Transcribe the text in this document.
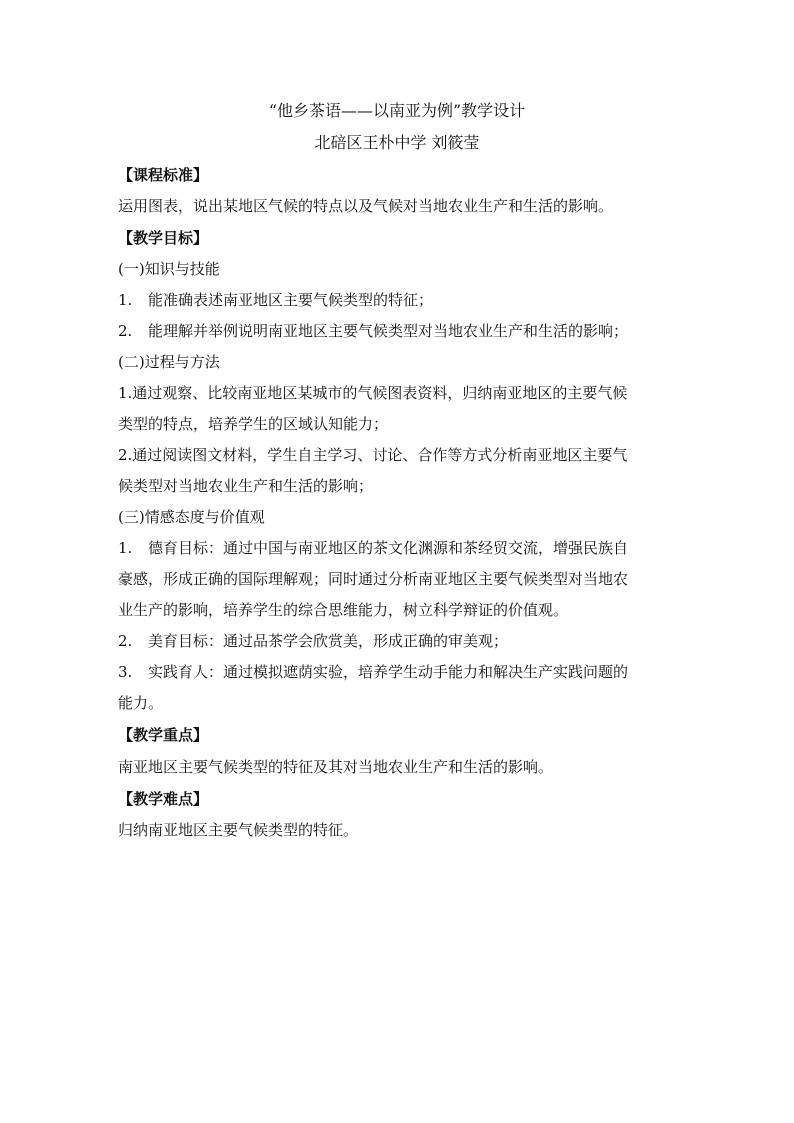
“他乡茶语——以南亚为例”教学设计
北碚区王朴中学 刘筱莹
【课程标准】
运用图表，说出某地区气候的特点以及气候对当地农业生产和生活的影响。
【教学目标】
(一)知识与技能
1. 能准确表述南亚地区主要气候类型的特征；
2. 能理解并举例说明南亚地区主要气候类型对当地农业生产和生活的影响；
(二)过程与方法
1.通过观察、比较南亚地区某城市的气候图表资料，归纳南亚地区的主要气候
类型的特点，培养学生的区域认知能力；
2.通过阅读图文材料，学生自主学习、讨论、合作等方式分析南亚地区主要气
候类型对当地农业生产和生活的影响；
(三)情感态度与价值观
1. 德育目标：通过中国与南亚地区的茶文化渊源和茶经贸交流，增强民族自
豪感，形成正确的国际理解观；同时通过分析南亚地区主要气候类型对当地农
业生产的影响，培养学生的综合思维能力，树立科学辩证的价值观。
2. 美育目标：通过品茶学会欣赏美，形成正确的审美观；
3. 实践育人：通过模拟遮荫实验，培养学生动手能力和解决生产实践问题的
能力。
【教学重点】
南亚地区主要气候类型的特征及其对当地农业生产和生活的影响。
【教学难点】
归纳南亚地区主要气候类型的特征。
